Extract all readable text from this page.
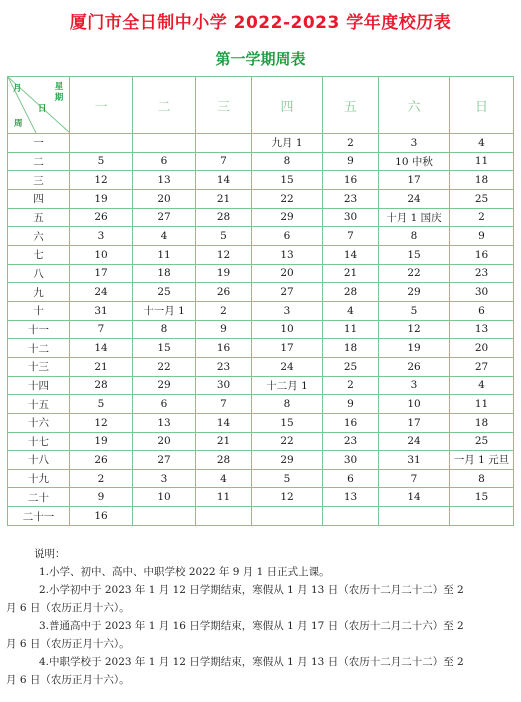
厦门市全日制中小学 2022-2023 学年度校历表
第一学期周表
月
日
周
星期	一	二	三	四	五	六	日
一				九月 1	2	3	4
二	5	6	7	8	9	10 中秋	11
三	12	13	14	15	16	17	18
四	19	20	21	22	23	24	25
五	26	27	28	29	30	十月 1 国庆	2
六	3	4	5	6	7	8	9
七	10	11	12	13	14	15	16
八	17	18	19	20	21	22	23
九	24	25	26	27	28	29	30
十	31	十一月 1	2	3	4	5	6
十一	7	8	9	10	11	12	13
十二	14	15	16	17	18	19	20
十三	21	22	23	24	25	26	27
十四	28	29	30	十二月 1	2	3	4
十五	5	6	7	8	9	10	11
十六	12	13	14	15	16	17	18
十七	19	20	21	22	23	24	25
十八	26	27	28	29	30	31	一月 1 元旦
十九	2	3	4	5	6	7	8
二十	9	10	11	12	13	14	15
二十一	16						

说明：

1.小学、初中、高中、中职学校 2022 年 9 月 1 日正式上课。

2.小学初中于 2023 年 1 月 12 日学期结束，寒假从 1 月 13 日（农历十二月二十二）至 2

月 6 日（农历正月十六）。

3.普通高中于 2023 年 1 月 16 日学期结束，寒假从 1 月 17 日（农历十二月二十六）至 2

月 6 日（农历正月十六）。

4.中职学校于 2023 年 1 月 12 日学期结束，寒假从 1 月 13 日（农历十二月二十二）至 2

月 6 日（农历正月十六）。
